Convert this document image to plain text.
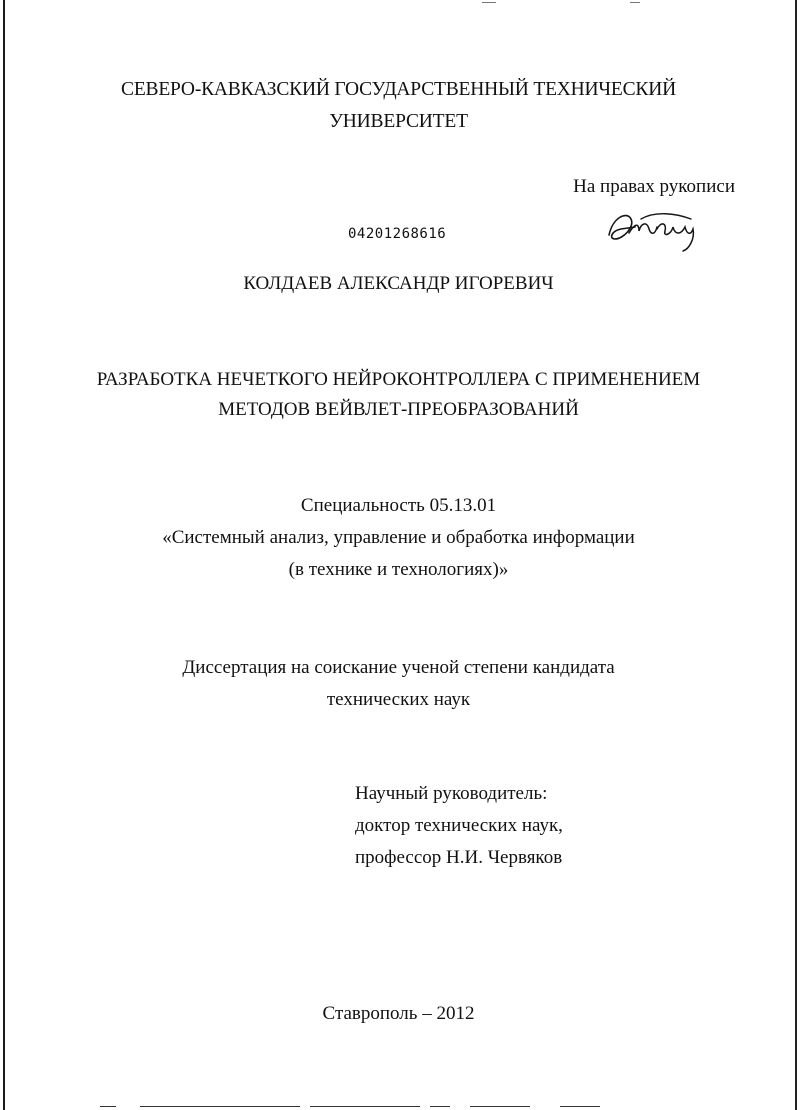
СЕВЕРО-КАВКАЗСКИЙ ГОСУДАРСТВЕННЫЙ ТЕХНИЧЕСКИЙ
УНИВЕРСИТЕТ
На правах рукописи
04201268616
КОЛДАЕВ АЛЕКСАНДР ИГОРЕВИЧ
РАЗРАБОТКА НЕЧЕТКОГО НЕЙРОКОНТРОЛЛЕРА С ПРИМЕНЕНИЕМ
МЕТОДОВ ВЕЙВЛЕТ-ПРЕОБРАЗОВАНИЙ
Специальность 05.13.01
«Системный анализ, управление и обработка информации
(в технике и технологиях)»
Диссертация на соискание ученой степени кандидата
технических наук
Научный руководитель:
доктор технических наук,
профессор Н.И. Червяков
Ставрополь – 2012
